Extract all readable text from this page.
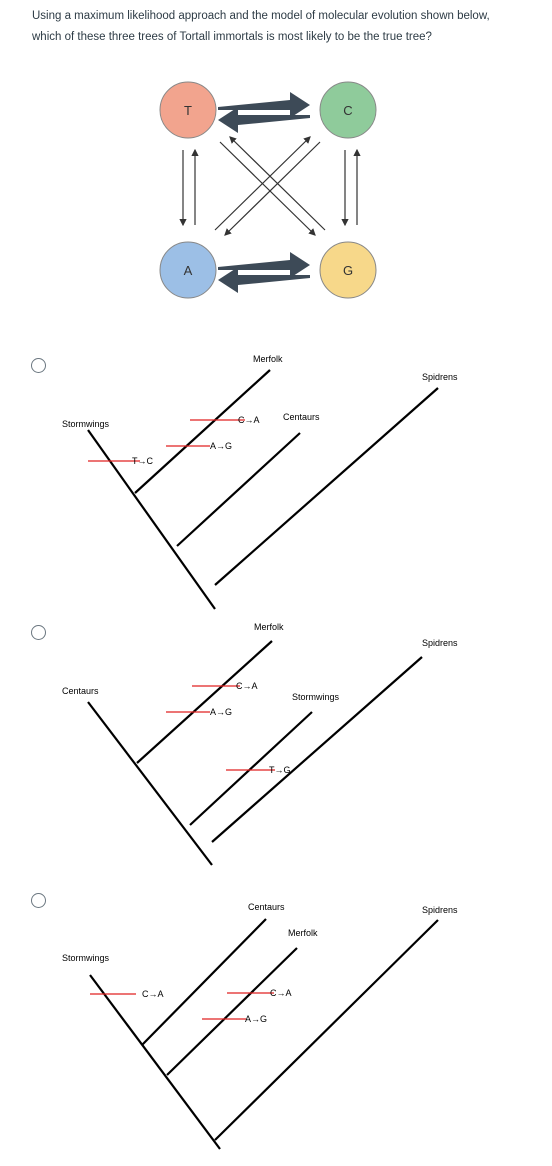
Using a maximum likelihood approach and the model of molecular evolution shown below, which of these three trees of Tortall immortals is most likely to be the true tree?
T	C
A	G
Stormwings
Merfolk
Centaurs
Spidrens
T→C
C→A
A→G
Centaurs
Merfolk
Stormwings
Spidrens
C→A
A→G
T→G
Stormwings
Centaurs
Merfolk
Spidrens
C→A	C→A
A→G
